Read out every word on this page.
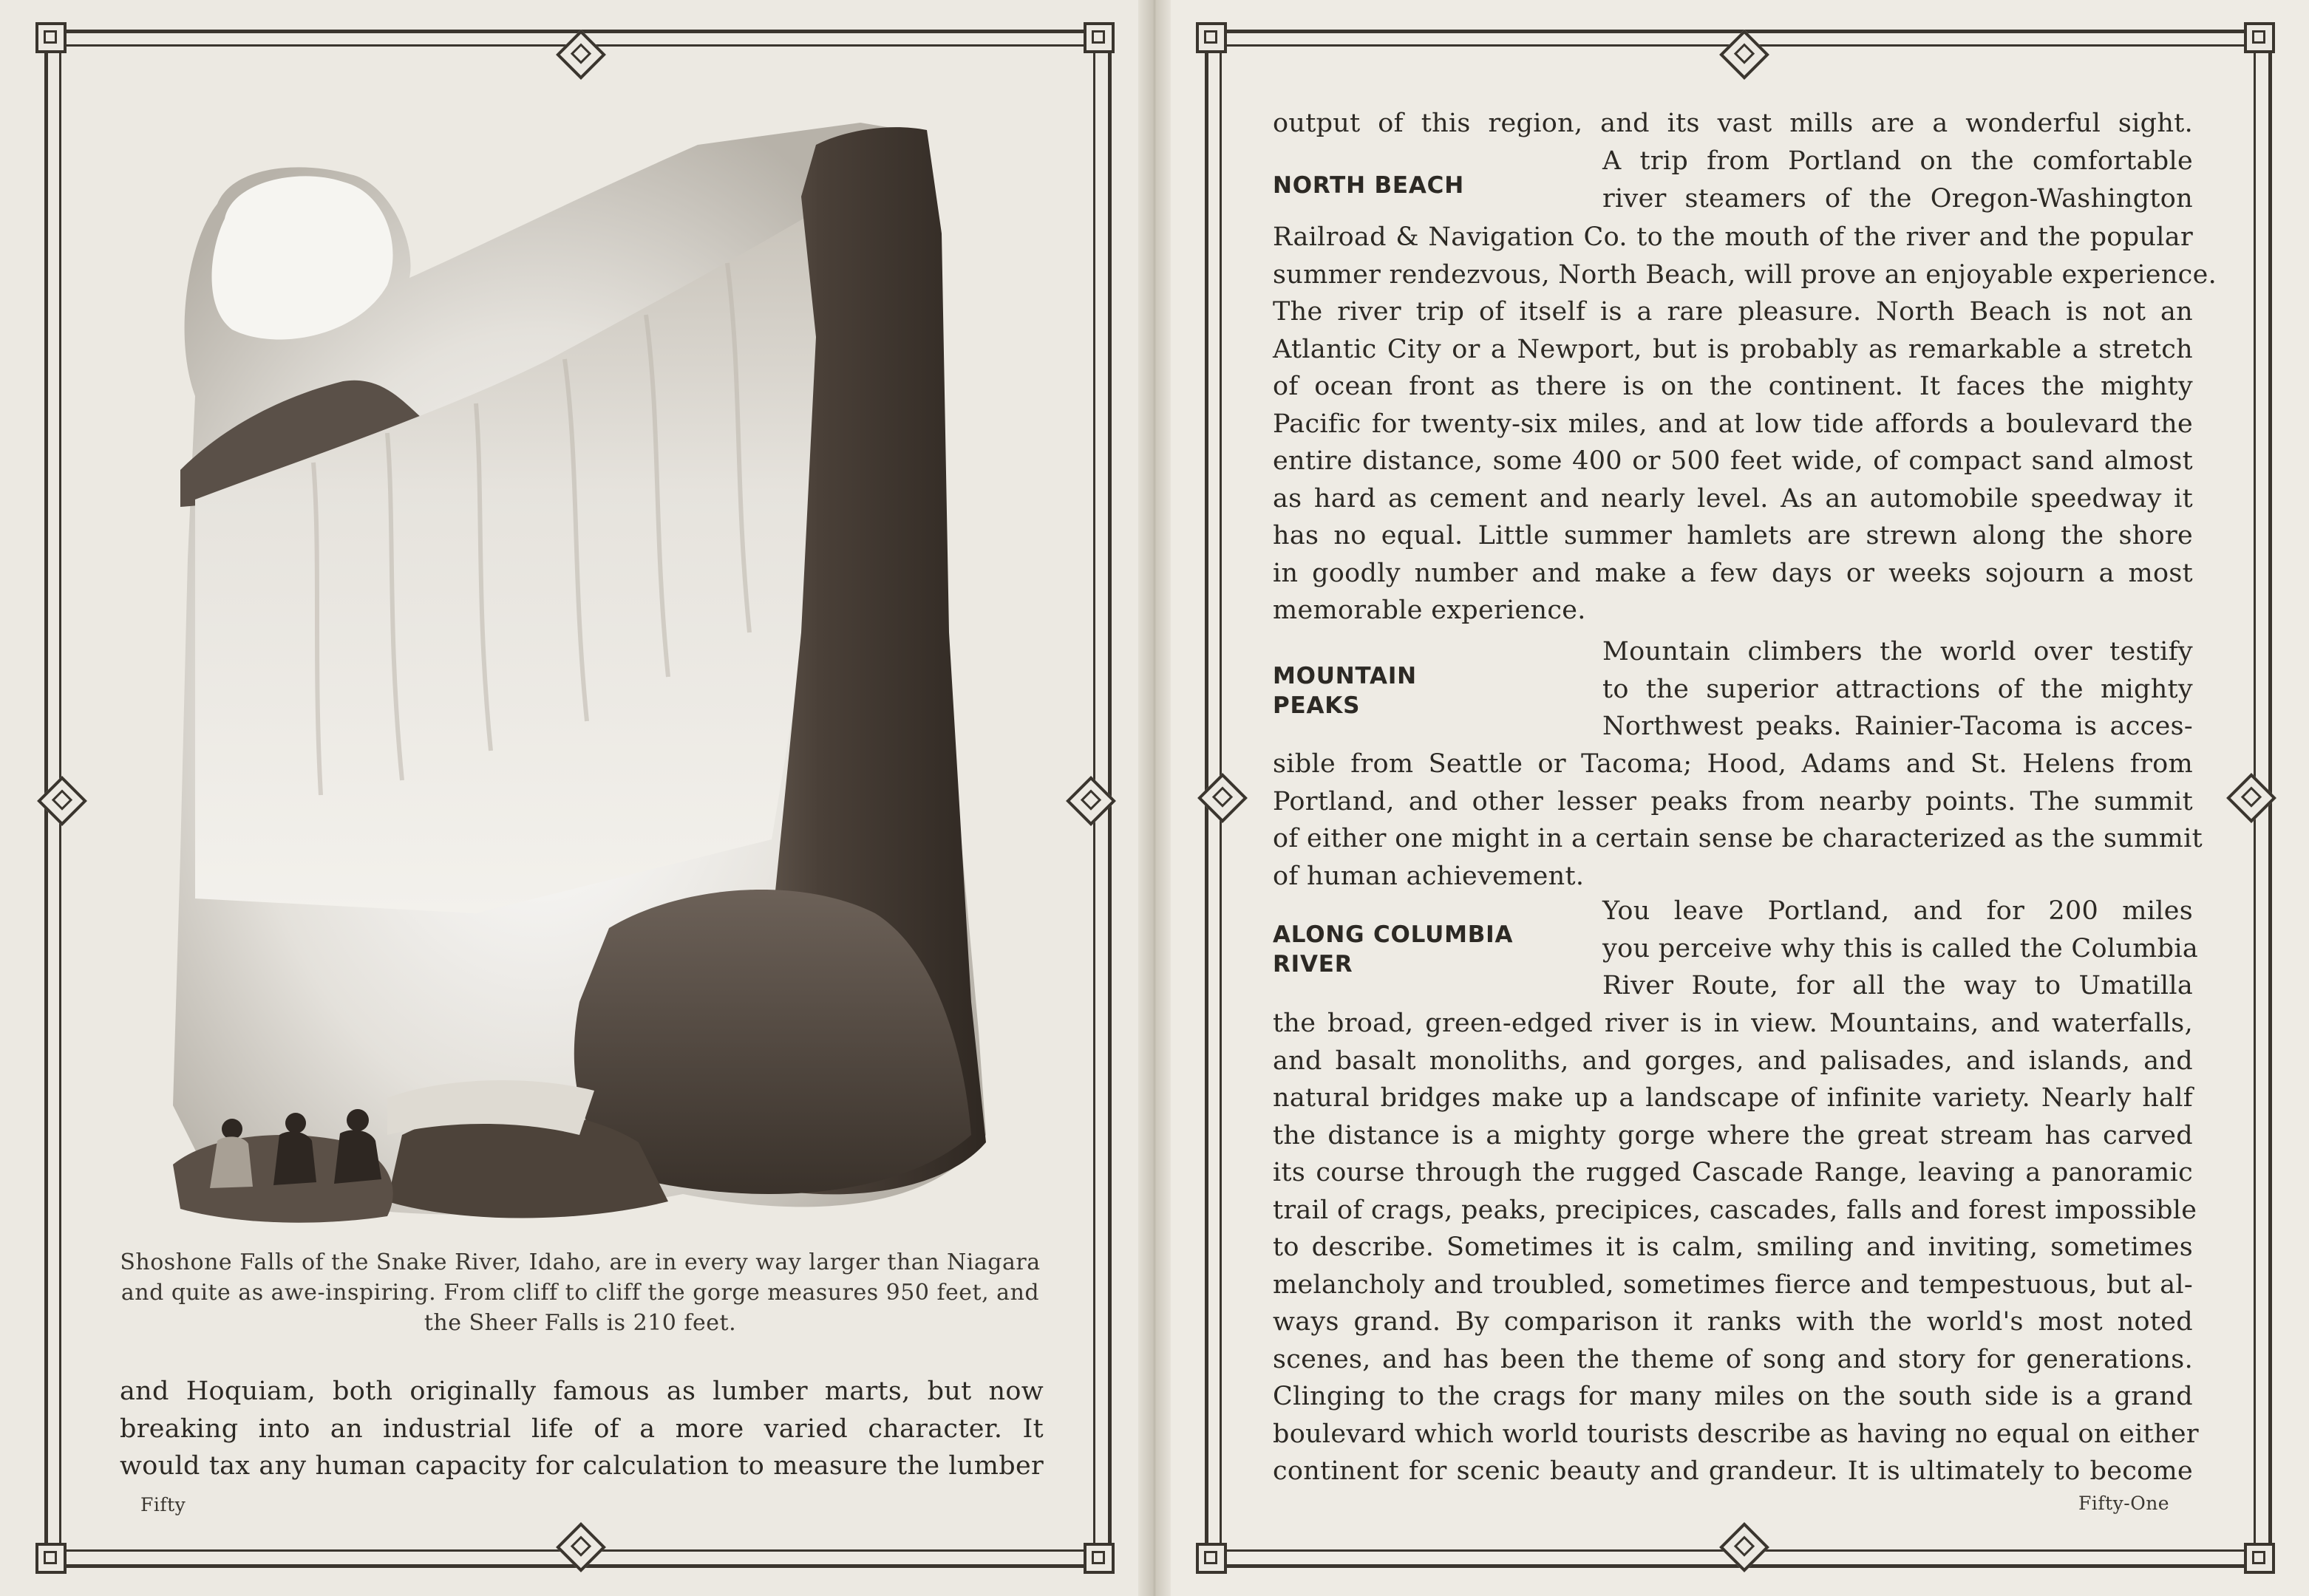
Shoshone Falls of the Snake River, Idaho, are in every way larger than Niagara and quite as awe-inspiring. From cliff to cliff the gorge measures 950 feet, and the Sheer Falls is 210 feet.
and Hoquiam, both originally famous as lumber marts, but now
breaking into an industrial life of a more varied character. It
would tax any human capacity for calculation to measure the lumber
Fifty
output of this region, and its vast mills are a wonderful sight.
NORTH BEACH
A trip from Portland on the comfortable
river steamers of the Oregon-Washington
Railroad & Navigation Co. to the mouth of the river and the popular
summer rendezvous, North Beach, will prove an enjoyable experience.
The river trip of itself is a rare pleasure. North Beach is not an
Atlantic City or a Newport, but is probably as remarkable a stretch
of ocean front as there is on the continent. It faces the mighty
Pacific for twenty-six miles, and at low tide affords a boulevard the
entire distance, some 400 or 500 feet wide, of compact sand almost
as hard as cement and nearly level. As an automobile speedway it
has no equal. Little summer hamlets are strewn along the shore
in goodly number and make a few days or weeks sojourn a most
memorable experience.
MOUNTAIN
PEAKS
Mountain climbers the world over testify
to the superior attractions of the mighty
Northwest peaks. Rainier-Tacoma is acces-
sible from Seattle or Tacoma; Hood, Adams and St. Helens from
Portland, and other lesser peaks from nearby points. The summit
of either one might in a certain sense be characterized as the summit
of human achievement.
ALONG COLUMBIA
RIVER
You leave Portland, and for 200 miles
you perceive why this is called the Columbia
River Route, for all the way to Umatilla
the broad, green-edged river is in view. Mountains, and waterfalls,
and basalt monoliths, and gorges, and palisades, and islands, and
natural bridges make up a landscape of infinite variety. Nearly half
the distance is a mighty gorge where the great stream has carved
its course through the rugged Cascade Range, leaving a panoramic
trail of crags, peaks, precipices, cascades, falls and forest impossible
to describe. Sometimes it is calm, smiling and inviting, sometimes
melancholy and troubled, sometimes fierce and tempestuous, but al-
ways grand. By comparison it ranks with the world's most noted
scenes, and has been the theme of song and story for generations.
Clinging to the crags for many miles on the south side is a grand
boulevard which world tourists describe as having no equal on either
continent for scenic beauty and grandeur. It is ultimately to become
Fifty-One
